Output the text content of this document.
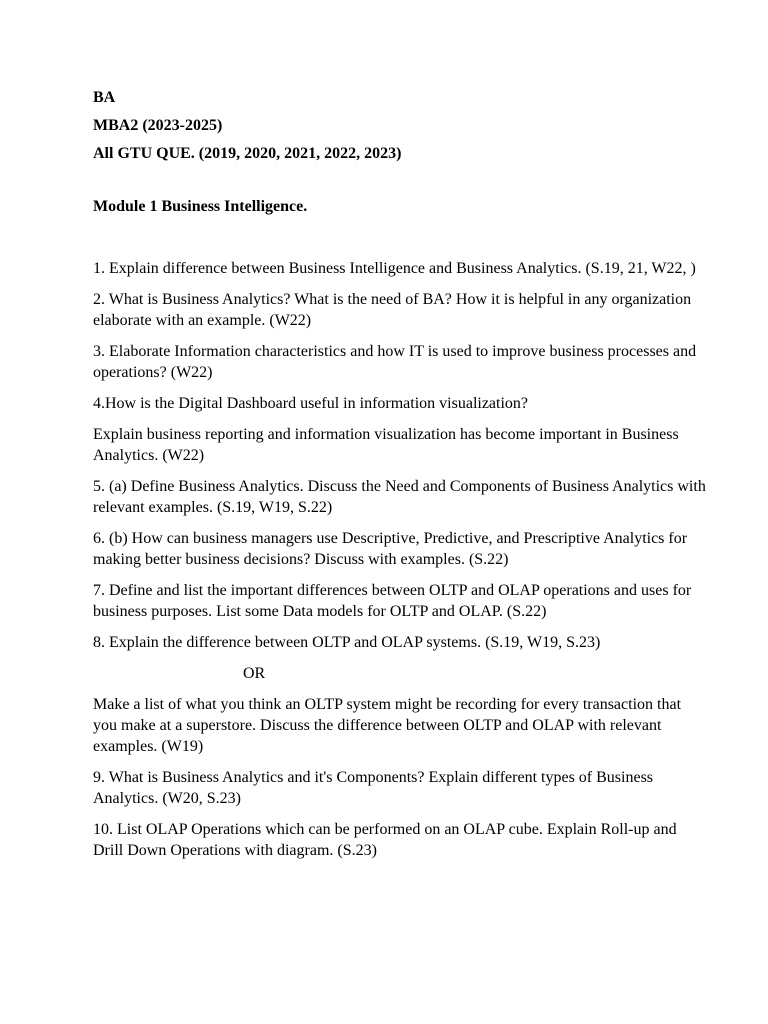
BA
MBA2 (2023-2025)
All GTU QUE. (2019, 2020, 2021, 2022, 2023)
Module 1 Business Intelligence.
1. Explain difference between Business Intelligence and Business Analytics. (S.19, 21, W22, )
2. What is Business Analytics? What is the need of BA? How it is helpful in any organization elaborate with an example. (W22)
3. Elaborate Information characteristics and how IT is used to improve business processes and operations? (W22)
4.How is the Digital Dashboard useful in information visualization?
Explain business reporting and information visualization has become important in Business Analytics. (W22)
5. (a) Define Business Analytics. Discuss the Need and Components of Business Analytics with relevant examples. (S.19, W19, S.22)
6. (b) How can business managers use Descriptive, Predictive, and Prescriptive Analytics for making better business decisions? Discuss with examples. (S.22)
7. Define and list the important differences between OLTP and OLAP operations and uses for business purposes. List some Data models for OLTP and OLAP. (S.22)
8. Explain the difference between OLTP and OLAP systems. (S.19, W19, S.23)
OR
Make a list of what you think an OLTP system might be recording for every transaction that you make at a superstore. Discuss the difference between OLTP and OLAP with relevant examples. (W19)
9. What is Business Analytics and it's Components? Explain different types of Business Analytics. (W20, S.23)
10. List OLAP Operations which can be performed on an OLAP cube. Explain Roll-up and Drill Down Operations with diagram. (S.23)
